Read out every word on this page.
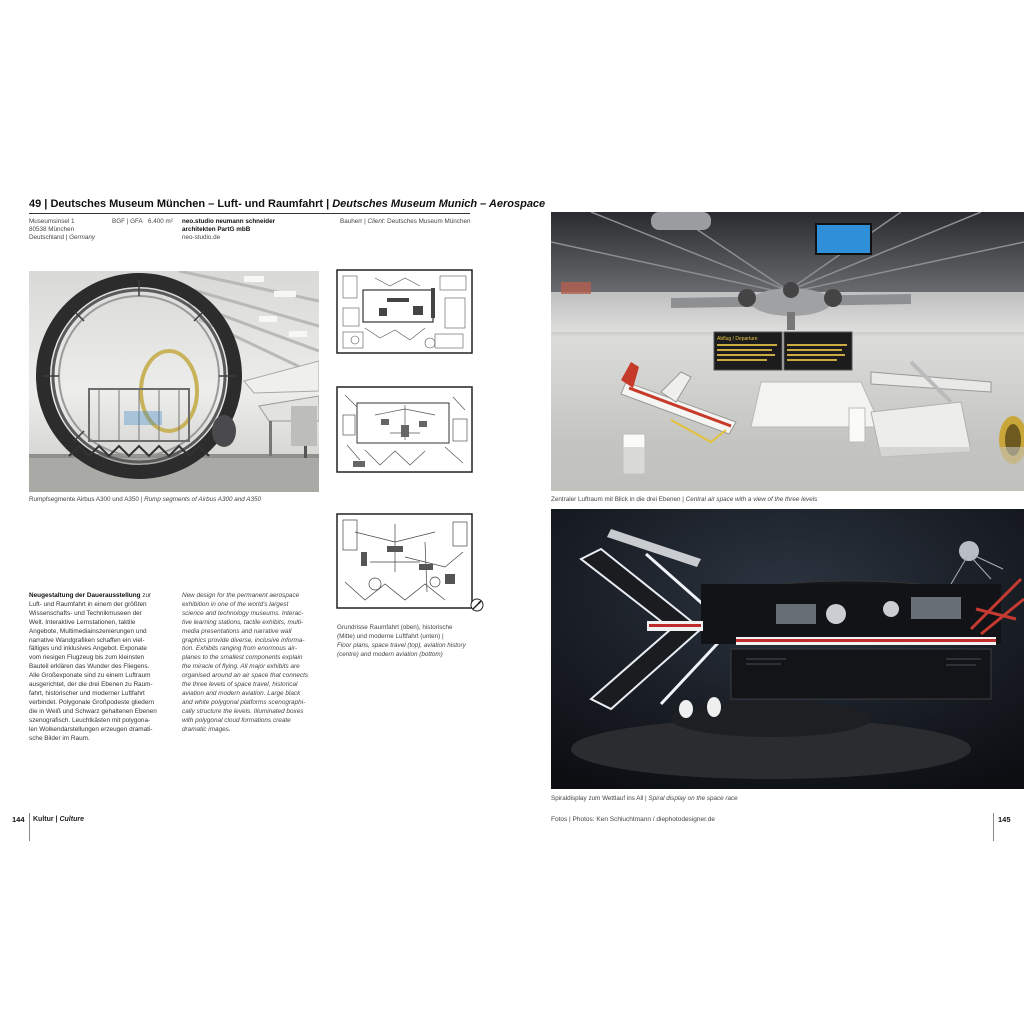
49 | Deutsches Museum München – Luft- und Raumfahrt | Deutsches Museum Munich – Aerospace
Museumsinsel 1
80538 München
Deutschland | Germany
BGF | GFA 6.400 m² neo.studio neumann schneider
architekten PartG mbB
neo-studio.de
Bauherr | Client: Deutsches Museum München
Rumpfsegmente Airbus A300 und A350 | Rump segments of Airbus A300 and A350
Grundrisse Raumfahrt (oben), historische
(Mitte) und moderne Luftfahrt (unten) |
Floor plans, space travel (top), aviation history
(centre) and modern aviation (bottom)
Neugestaltung der Dauerausstellung zur
Luft- und Raumfahrt in einem der größten
Wissenschafts- und Technikmuseen der
Welt. Interaktive Lernstationen, taktile
Angebote, Multimediainszenierungen und
narrative Wandgrafiken schaffen ein viel-
fältiges und inklusives Angebot. Exponate
vom riesigen Flugzeug bis zum kleinsten
Bauteil erklären das Wunder des Fliegens.
Alle Großexponate sind zu einem Luftraum
ausgerichtet, der die drei Ebenen zu Raum-
fahrt, historischer und moderner Luftfahrt
verbindet. Polygonale Großpodeste gliedern
die in Weiß und Schwarz gehaltenen Ebenen
szenografisch. Leuchtkästen mit polygona-
len Wolkendarstellungen erzeugen dramati-
sche Bilder im Raum.
New design for the permanent aerospace
exhibition in one of the world's largest
science and technology museums. Interac-
tive learning stations, tactile exhibits, multi-
media presentations and narrative wall
graphics provide diverse, inclusive informa-
tion. Exhibits ranging from enormous air-
planes to the smallest components explain
the miracle of flying. All major exhibits are
organised around an air space that connects
the three levels of space travel, historical
aviation and modern aviation. Large black
and white polygonal platforms scenographi-
cally structure the levels. Illuminated boxes
with polygonal cloud formations create
dramatic images.
Abflug / Departure
Zentraler Luftraum mit Blick in die drei Ebenen | Central air space with a view of the three levels
Spiraldisplay zum Wettlauf ins All | Spiral display on the space race
144 Kultur | Culture	Fotos | Photos: Ken Schluchtmann / diephotodesigner.de	145
